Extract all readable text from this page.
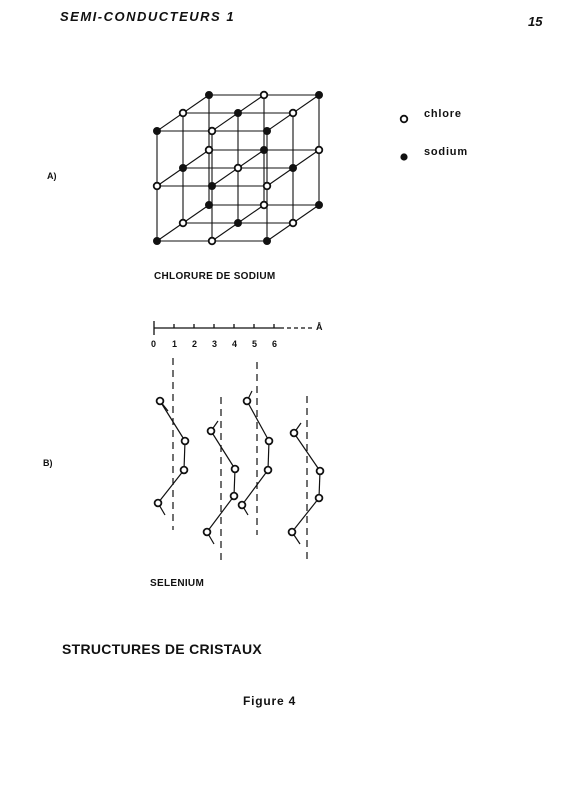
SEMI-CONDUCTEURS 1	15
A)
CHLORURE DE SODIUM
chlore
sodium
B)
0 1 2 3 4 5 6
Å
SELENIUM
STRUCTURES DE CRISTAUX
Figure 4
